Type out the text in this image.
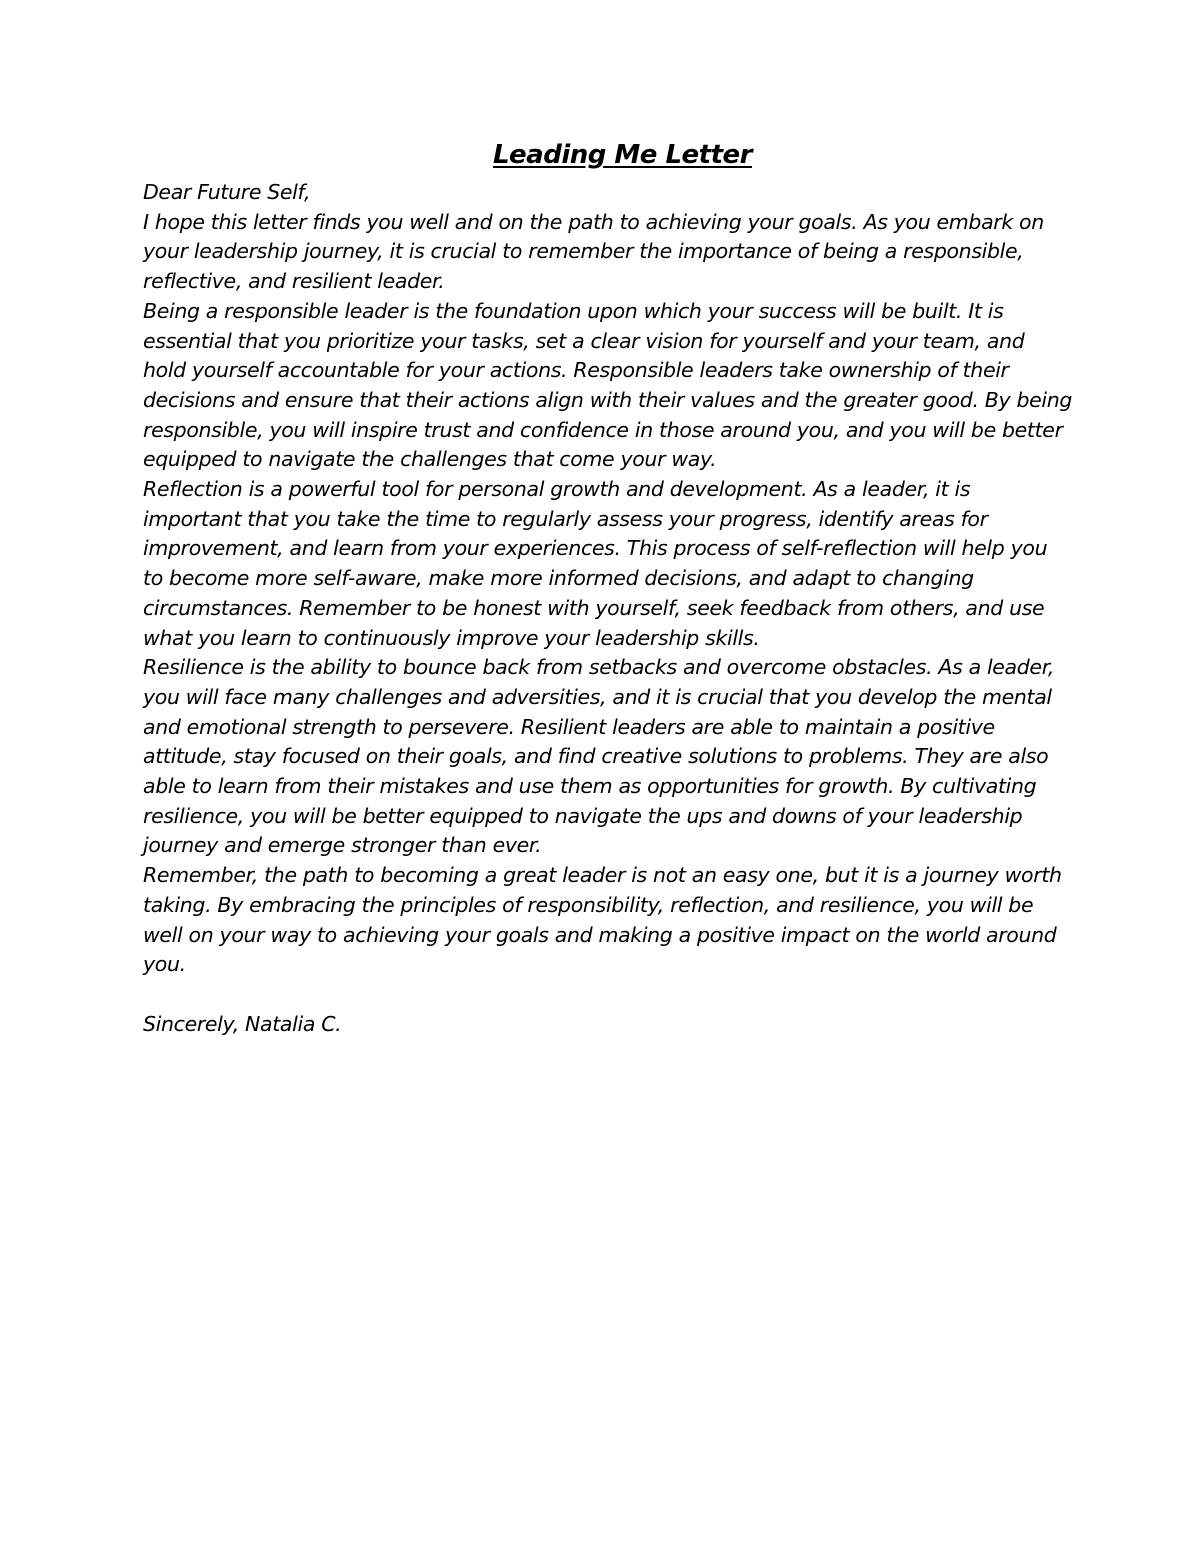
Leading Me Letter

Dear Future Self,

I hope this letter finds you well and on the path to achieving your goals. As you embark on your leadership journey, it is crucial to remember the importance of being a responsible, reflective, and resilient leader.

Being a responsible leader is the foundation upon which your success will be built. It is essential that you prioritize your tasks, set a clear vision for yourself and your team, and hold yourself accountable for your actions. Responsible leaders take ownership of their decisions and ensure that their actions align with their values and the greater good. By being responsible, you will inspire trust and confidence in those around you, and you will be better equipped to navigate the challenges that come your way.

Reflection is a powerful tool for personal growth and development. As a leader, it is important that you take the time to regularly assess your progress, identify areas for improvement, and learn from your experiences. This process of self-reflection will help you to become more self-aware, make more informed decisions, and adapt to changing circumstances. Remember to be honest with yourself, seek feedback from others, and use what you learn to continuously improve your leadership skills.

Resilience is the ability to bounce back from setbacks and overcome obstacles. As a leader, you will face many challenges and adversities, and it is crucial that you develop the mental and emotional strength to persevere. Resilient leaders are able to maintain a positive attitude, stay focused on their goals, and find creative solutions to problems. They are also able to learn from their mistakes and use them as opportunities for growth. By cultivating resilience, you will be better equipped to navigate the ups and downs of your leadership journey and emerge stronger than ever.

Remember, the path to becoming a great leader is not an easy one, but it is a journey worth taking. By embracing the principles of responsibility, reflection, and resilience, you will be well on your way to achieving your goals and making a positive impact on the world around you.

Sincerely, Natalia C.
